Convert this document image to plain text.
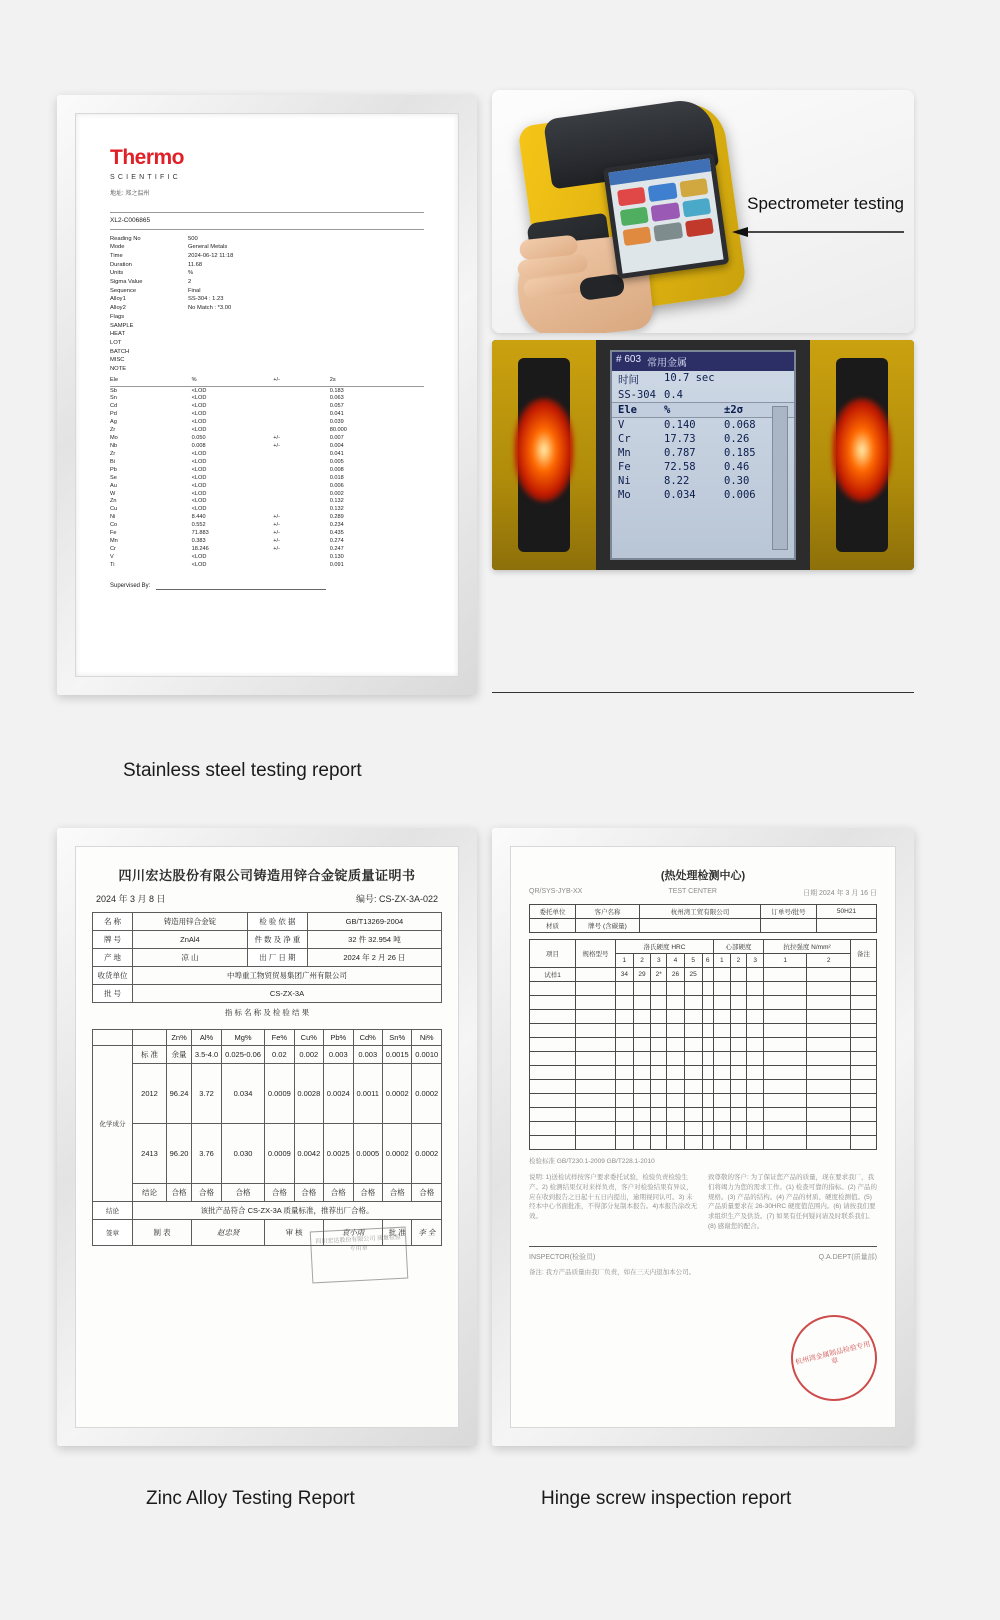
Thermo
SCIENTIFIC
地址: 郑之温州
XL2-C006865
Reading No	500
Mode	General Metals
Time	2024-06-12 11:18
Duration	11.68
Units	%
Sigma Value	2
Sequence	Final
Alloy1	SS-304 : 1.23
Alloy2	No Match : *3.00
Flags
SAMPLE
HEAT
LOT
BATCH
MISC
NOTE
Ele	%	+/-	2s
Sb	<LOD		0.183
Sn	<LOD		0.063
Cd	<LOD		0.057
Pd	<LOD		0.041
Ag	<LOD		0.039
Zr	<LOD		80.000
Mo	0.050	+/-	0.007
Nb	0.008	+/-	0.004
Zr	<LOD		0.041
Bi	<LOD		0.005
Pb	<LOD		0.008
Se	<LOD		0.018
Au	<LOD		0.006
W	<LOD		0.002
Zn	<LOD		0.132
Cu	<LOD		0.132
Ni	8.440	+/-	0.289
Co	0.552	+/-	0.234
Fe	71.883	+/-	0.435
Mn	0.383	+/-	0.274
Cr	18.246	+/-	0.247
V	<LOD		0.130
Ti	<LOD		0.091
Supervised By:
Spectrometer testing
# 603 常用金属
时间	10.7 sec
SS-304 0.4
Ele	%	±2σ
V	0.140	0.068
Cr	17.73	0.26
Mn	0.787	0.185
Fe	72.58	0.46
Ni	8.22	0.30
Mo	0.034	0.006
Stainless steel testing report
四川宏达股份有限公司铸造用锌合金锭质量证明书
2024 年 3 月 8 日	编号: CS-ZX-3A-022
名 称	铸造用锌合金锭	检 验 依 据	GB/T13269-2004
牌 号	ZnAl4	件 数 及 净 重	32 件 32.954 吨
产 地	凉 山	出 厂 日 期	2024 年 2 月 26 日
收货单位	中埠重工物贸贸易集团广州有限公司		
批 号	CS-ZX-3A		
指 标 名 称 及 检 验 结 果
		Zn%	Al%	Mg%	Fe%	Cu%	Pb%	Cd%	Sn%	Ni%
化学成分	标 准	余量	3.5-4.0	0.025-0.06	0.02	0.002	0.003	0.003	0.0015	0.0010
	2012	96.24	3.72	0.034	0.0009	0.0028	0.0024	0.0011	0.0002	0.0002
	2413	96.20	3.76	0.030	0.0009	0.0042	0.0025	0.0005	0.0002	0.0002
	结论	合格	合格	合格	合格	合格	合格	合格	合格	合格
结论	该批产品符合 CS-ZX-3A 质量标准，推荐出厂合格。									
签章	制 表		赵忠贤		审 核		袁小雨		批 准	李 全
四川宏达股份有限公司 质量检验专用章
(热处理检测中心)
QR/SYS-JYB-XX	TEST CENTER	日期 2024 年 3 月 16 日
委托单位	客户名称	杭州湾工贸有限公司	订单号/批号	50H21
材质	牌号 (含碳量)			
项目	规格型号	洛氏硬度 HRC						心部硬度			抗拉强度 N/mm²		备注
		1	2	3	4	5	6	1	2	3	1	2	
试样1		34	29	2*	26	25							

检验标准 GB/T230.1-2009 GB/T228.1-2010
说明: 1)送检试样按客户要求委托试验，检验负责检验生产。2) 检测结果仅对来样负责，客户对检验结果有异议，应在收到报告之日起十五日内提出，逾期视同认可。3) 未经本中心书面批准，不得部分复制本报告。4)本报告涂改无效。
致尊敬的客户: 为了保证您产品的质量，现在要求我厂，我们将竭力为您的需求工作。(1) 检查可靠的指标。(2) 产品的规格。(3) 产品的结构。(4) 产品的材质、硬度检测值。(5) 产品质量要求在 26-30HRC 硬度值范围内。(6) 请按我们要求组织生产及供货。(7) 如果有任何疑问请及时联系我们。(8) 感谢您的配合。
INSPECTOR(检验员)	Q.A.DEPT(质量部)
备注: 我方产品质量由我厂负责，如在三天内退加本公司。
杭州湾金属制品检验专用章
Zinc Alloy Testing Report	Hinge screw inspection report
